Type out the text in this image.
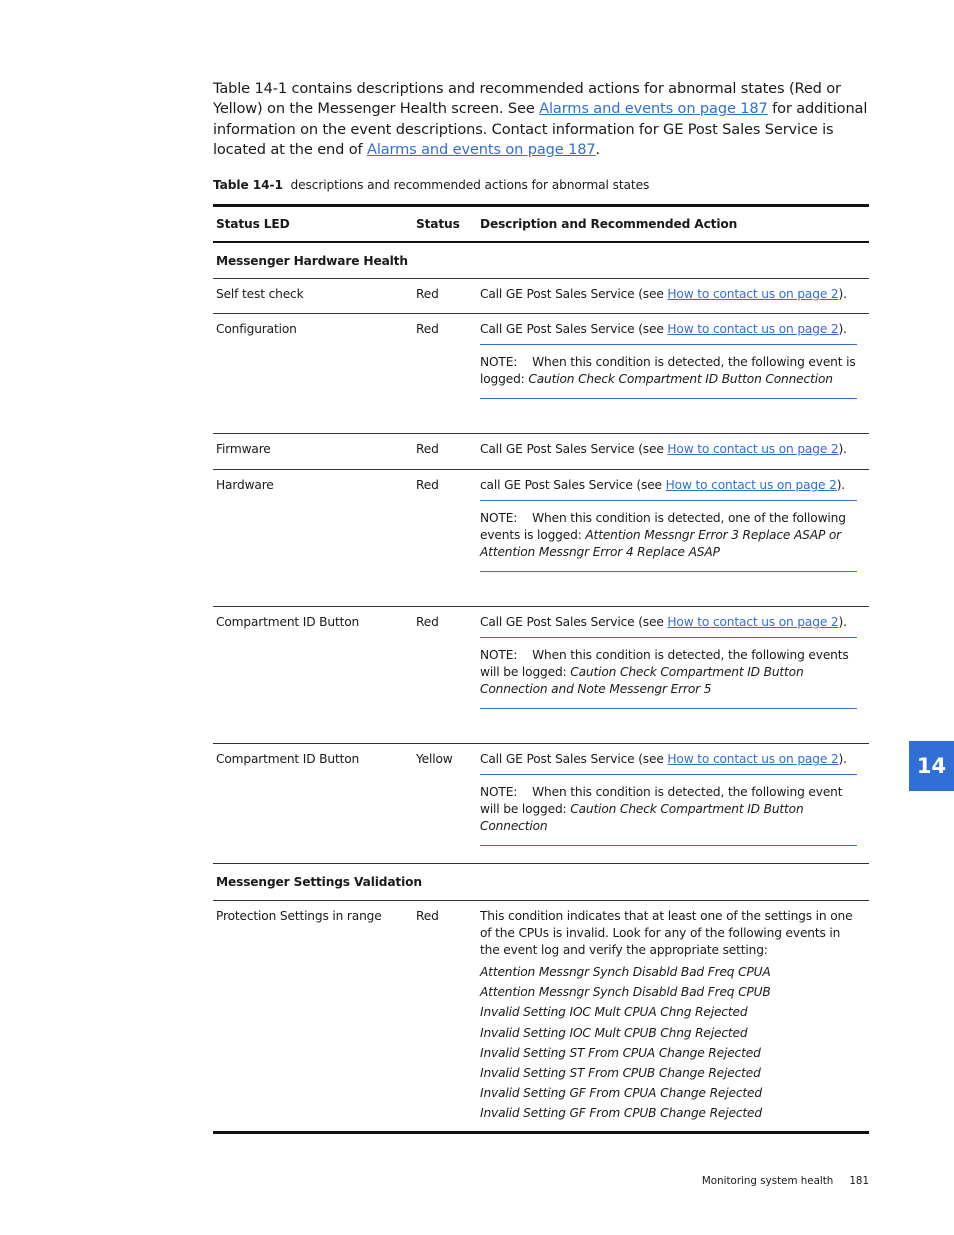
Table 14-1 contains descriptions and recommended actions for abnormal states (Red or Yellow) on the Messenger Health screen. See Alarms and events on page 187 for additional information on the event descriptions. Contact information for GE Post Sales Service is located at the end of Alarms and events on page 187.

Table 14-1 descriptions and recommended actions for abnormal states
Status LED	Status	Description and Recommended Action
Messenger Hardware Health
Self test check	Red	Call GE Post Sales Service (see How to contact us on page 2).
Configuration	Red	Call GE Post Sales Service (see How to contact us on page 2).
NOTE: When this condition is detected, the following event is logged: Caution Check Compartment ID Button Connection
Firmware	Red	Call GE Post Sales Service (see How to contact us on page 2).
Hardware	Red	call GE Post Sales Service (see How to contact us on page 2).
NOTE: When this condition is detected, one of the following events is logged: Attention Messngr Error 3 Replace ASAP or Attention Messngr Error 4 Replace ASAP
Compartment ID Button	Red	Call GE Post Sales Service (see How to contact us on page 2).
NOTE: When this condition is detected, the following events will be logged: Caution Check Compartment ID Button Connection and Note Messengr Error 5
Compartment ID Button	Yellow	Call GE Post Sales Service (see How to contact us on page 2).
NOTE: When this condition is detected, the following event will be logged: Caution Check Compartment ID Button Connection
Messenger Settings Validation
Protection Settings in range	Red	This condition indicates that at least one of the settings in one of the CPUs is invalid. Look for any of the following events in the event log and verify the appropriate setting:
Attention Messngr Synch Disabld Bad Freq CPUA
Attention Messngr Synch Disabld Bad Freq CPUB
Invalid Setting IOC Mult CPUA Chng Rejected
Invalid Setting IOC Mult CPUB Chng Rejected
Invalid Setting ST From CPUA Change Rejected
Invalid Setting ST From CPUB Change Rejected
Invalid Setting GF From CPUA Change Rejected
Invalid Setting GF From CPUB Change Rejected
14
Monitoring system health 181
